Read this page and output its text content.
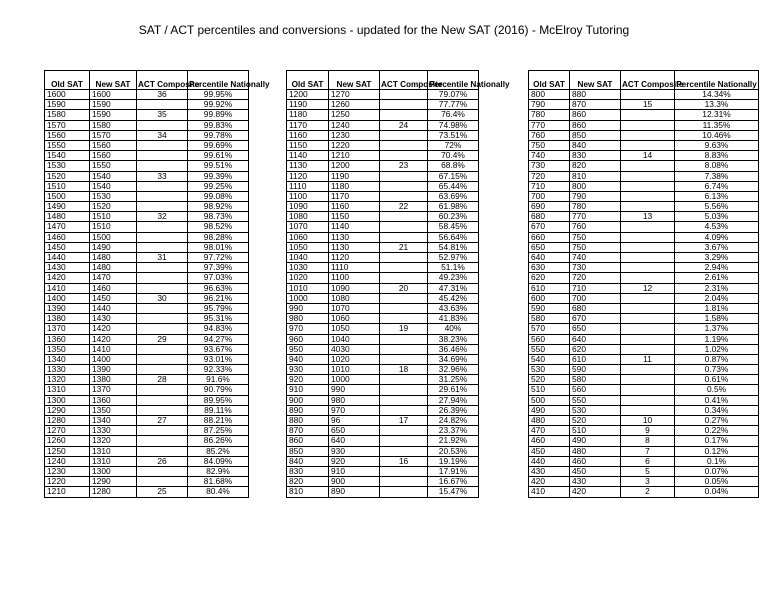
SAT / ACT percentiles and conversions - updated for the New SAT (2016) - McElroy Tutoring
Old SAT	New SAT	ACT Composite	Percentile Nationally
1600	1600	36	99.95%
1590	1590		99.92%
1580	1590	35	99.89%
1570	1580		99.83%
1560	1570	34	99.78%
1550	1560		99.69%
1540	1560		99.61%
1530	1550		99.51%
1520	1540	33	99.39%
1510	1540		99.25%
1500	1530		99.08%
1490	1520		98.92%
1480	1510	32	98.73%
1470	1510		98.52%
1460	1500		98.28%
1450	1490		98.01%
1440	1480	31	97.72%
1430	1480		97.39%
1420	1470		97.03%
1410	1460		96.63%
1400	1450	30	96.21%
1390	1440		95.79%
1380	1430		95.31%
1370	1420		94.83%
1360	1420	29	94.27%
1350	1410		93.67%
1340	1400		93.01%
1330	1390		92.33%
1320	1380	28	91.6%
1310	1370		90.79%
1300	1360		89.95%
1290	1350		89.11%
1280	1340	27	88.21%
1270	1330		87.25%
1260	1320		86.26%
1250	1310		85.2%
1240	1310	26	84.09%
1230	1300		82.9%
1220	1290		81.68%
1210	1280	25	80.4%
Old SAT	New SAT	ACT Composite	Percentile Nationally
1200	1270		79.07%
1190	1260		77.77%
1180	1250		76.4%
1170	1240	24	74.98%
1160	1230		73.51%
1150	1220		72%
1140	1210		70.4%
1130	1200	23	68.8%
1120	1190		67.15%
1110	1180		65.44%
1100	1170		63.69%
1090	1160	22	61.98%
1080	1150		60.23%
1070	1140		58.45%
1060	1130		56.64%
1050	1130	21	54.81%
1040	1120		52.97%
1030	1110		51.1%
1020	1100		49.23%
1010	1090	20	47.31%
1000	1080		45.42%
990	1070		43.63%
980	1060		41.83%
970	1050	19	40%
960	1040		38.23%
950	4030		36.46%
940	1020		34.69%
930	1010	18	32.96%
920	1000		31.25%
910	990		29.61%
900	980		27.94%
890	970		26.39%
880	96	17	24.82%
870	650		23.37%
860	640		21.92%
850	930		20.53%
840	920	16	19.19%
830	910		17.91%
820	900		16.67%
810	890		15.47%
Old SAT	New SAT	ACT Composite	Percentile Nationally
800	880		14.34%
790	870	15	13.3%
780	860		12.31%
770	860		11.35%
760	850		10.46%
750	840		9.63%
740	830	14	8.83%
730	820		8.08%
720	810		7.38%
710	800		6.74%
700	790		6.13%
690	780		5.56%
680	770	13	5.03%
670	760		4.53%
660	750		4.09%
650	750		3.67%
640	740		3.29%
630	730		2.94%
620	720		2.61%
610	710	12	2.31%
600	700		2.04%
590	680		1.81%
580	670		1.58%
570	650		1.37%
560	640		1.19%
550	620		1.02%
540	610	11	0.87%
530	590		0.73%
520	580		0.61%
510	560		0.5%
500	550		0.41%
490	530		0.34%
480	520	10	0.27%
470	510	9	0.22%
460	490	8	0.17%
450	480	7	0.12%
440	460	6	0.1%
430	450	5	0.07%
420	430	3	0.05%
410	420	2	0.04%
